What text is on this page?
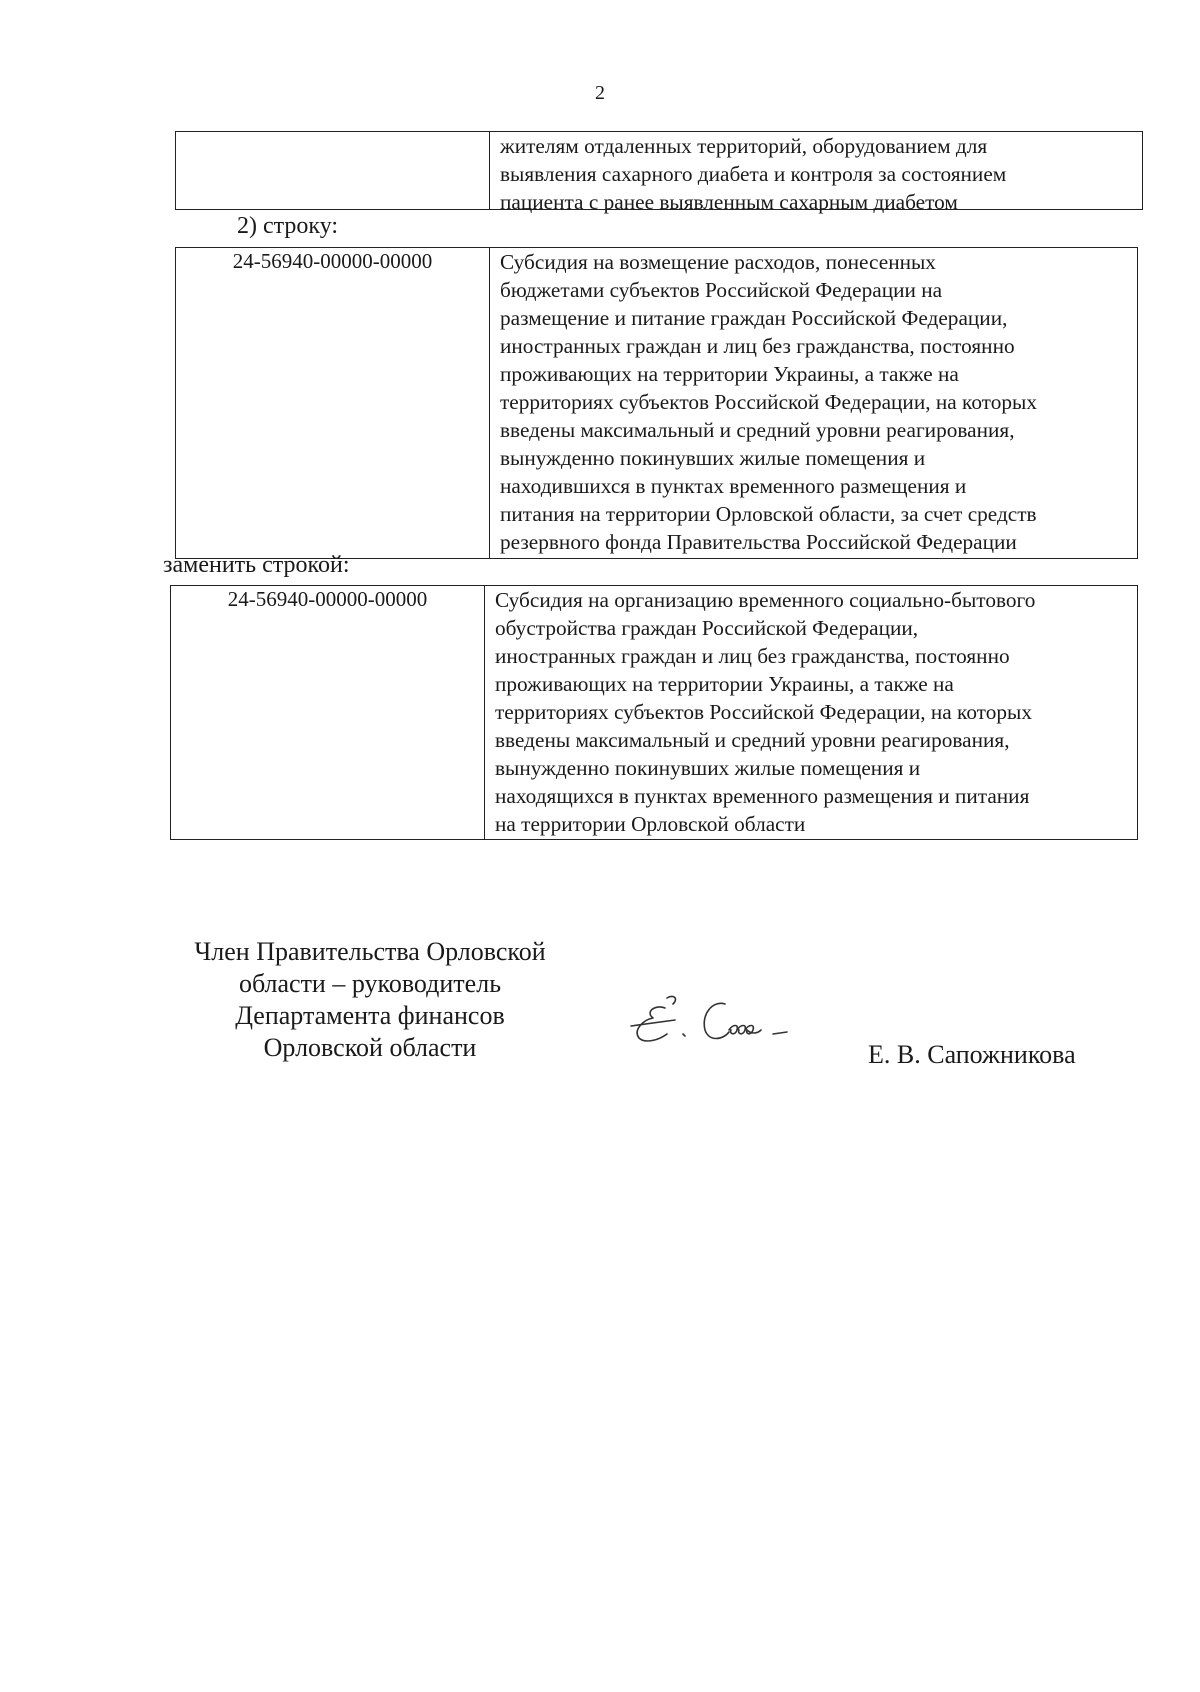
2
жителям отдаленных территорий, оборудованием для
выявления сахарного диабета и контроля за состоянием
пациента с ранее выявленным сахарным диабетом
2) строку:
24-56940-00000-00000	Субсидия на возмещение расходов, понесенных
бюджетами субъектов Российской Федерации на
размещение и питание граждан Российской Федерации,
иностранных граждан и лиц без гражданства, постоянно
проживающих на территории Украины, а также на
территориях субъектов Российской Федерации, на которых
введены максимальный и средний уровни реагирования,
вынужденно покинувших жилые помещения и
находившихся в пунктах временного размещения и
питания на территории Орловской области, за счет средств
резервного фонда Правительства Российской Федерации
заменить строкой:
24-56940-00000-00000	Субсидия на организацию временного социально-бытового
обустройства граждан Российской Федерации,
иностранных граждан и лиц без гражданства, постоянно
проживающих на территории Украины, а также на
территориях субъектов Российской Федерации, на которых
введены максимальный и средний уровни реагирования,
вынужденно покинувших жилые помещения и
находящихся в пунктах временного размещения и питания
на территории Орловской области
Член Правительства Орловской
области – руководитель
Департамента финансов
Орловской области	Е. В. Сапожникова
